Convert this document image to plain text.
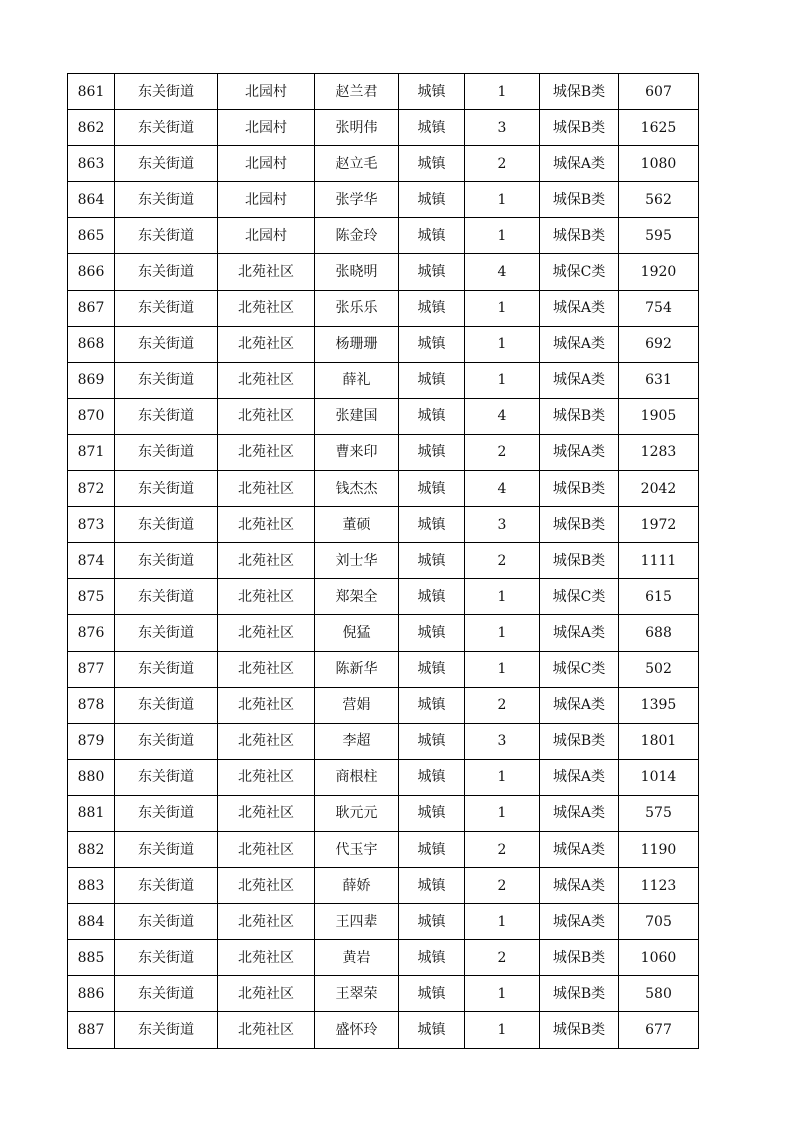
861	东关街道	北园村	赵兰君	城镇	1	城保B类	607
862	东关街道	北园村	张明伟	城镇	3	城保B类	1625
863	东关街道	北园村	赵立毛	城镇	2	城保A类	1080
864	东关街道	北园村	张学华	城镇	1	城保B类	562
865	东关街道	北园村	陈金玲	城镇	1	城保B类	595
866	东关街道	北苑社区	张晓明	城镇	4	城保C类	1920
867	东关街道	北苑社区	张乐乐	城镇	1	城保A类	754
868	东关街道	北苑社区	杨珊珊	城镇	1	城保A类	692
869	东关街道	北苑社区	薛礼	城镇	1	城保A类	631
870	东关街道	北苑社区	张建国	城镇	4	城保B类	1905
871	东关街道	北苑社区	曹来印	城镇	2	城保A类	1283
872	东关街道	北苑社区	钱杰杰	城镇	4	城保B类	2042
873	东关街道	北苑社区	董硕	城镇	3	城保B类	1972
874	东关街道	北苑社区	刘士华	城镇	2	城保B类	1111
875	东关街道	北苑社区	郑架全	城镇	1	城保C类	615
876	东关街道	北苑社区	倪猛	城镇	1	城保A类	688
877	东关街道	北苑社区	陈新华	城镇	1	城保C类	502
878	东关街道	北苑社区	营娟	城镇	2	城保A类	1395
879	东关街道	北苑社区	李超	城镇	3	城保B类	1801
880	东关街道	北苑社区	商根柱	城镇	1	城保A类	1014
881	东关街道	北苑社区	耿元元	城镇	1	城保A类	575
882	东关街道	北苑社区	代玉宇	城镇	2	城保A类	1190
883	东关街道	北苑社区	薛娇	城镇	2	城保A类	1123
884	东关街道	北苑社区	王四辈	城镇	1	城保A类	705
885	东关街道	北苑社区	黄岩	城镇	2	城保B类	1060
886	东关街道	北苑社区	王翠荣	城镇	1	城保B类	580
887	东关街道	北苑社区	盛怀玲	城镇	1	城保B类	677
